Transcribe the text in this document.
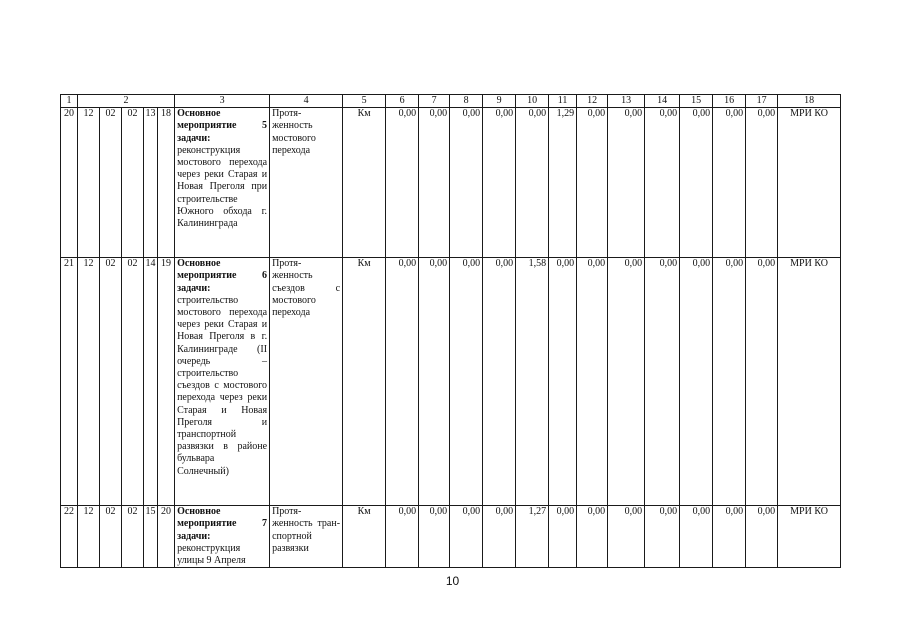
1	2					3	4	5	6	7	8	9	10	11	12	13	14	15	16	17	18
20	12	02	02	13	18	Основное мероприятие 5 задачи: реконструкция мостового перехода через реки Старая и Новая Преголя при строительстве Южного обхода г. Калининграда	Протя-женность мостового перехода	Км	0,00	0,00	0,00	0,00	0,00	1,29	0,00	0,00	0,00	0,00	0,00	0,00	МРИ КО
21	12	02	02	14	19	Основное мероприятие 6 задачи: строительство мостового перехода через реки Старая и Новая Преголя в г. Калининграде (II очередь – строительство съездов с мостового перехода через реки Старая и Новая Преголя и транспортной развязки в районе бульвара Солнечный)	Протя-женность съездов с мостового перехода	Км	0,00	0,00	0,00	0,00	1,58	0,00	0,00	0,00	0,00	0,00	0,00	0,00	МРИ КО
22	12	02	02	15	20	Основное мероприятие 7 задачи: реконструкция улицы 9 Апреля	Протя-женность тран-спортной развязки	Км	0,00	0,00	0,00	0,00	1,27	0,00	0,00	0,00	0,00	0,00	0,00	0,00	МРИ КО
10
